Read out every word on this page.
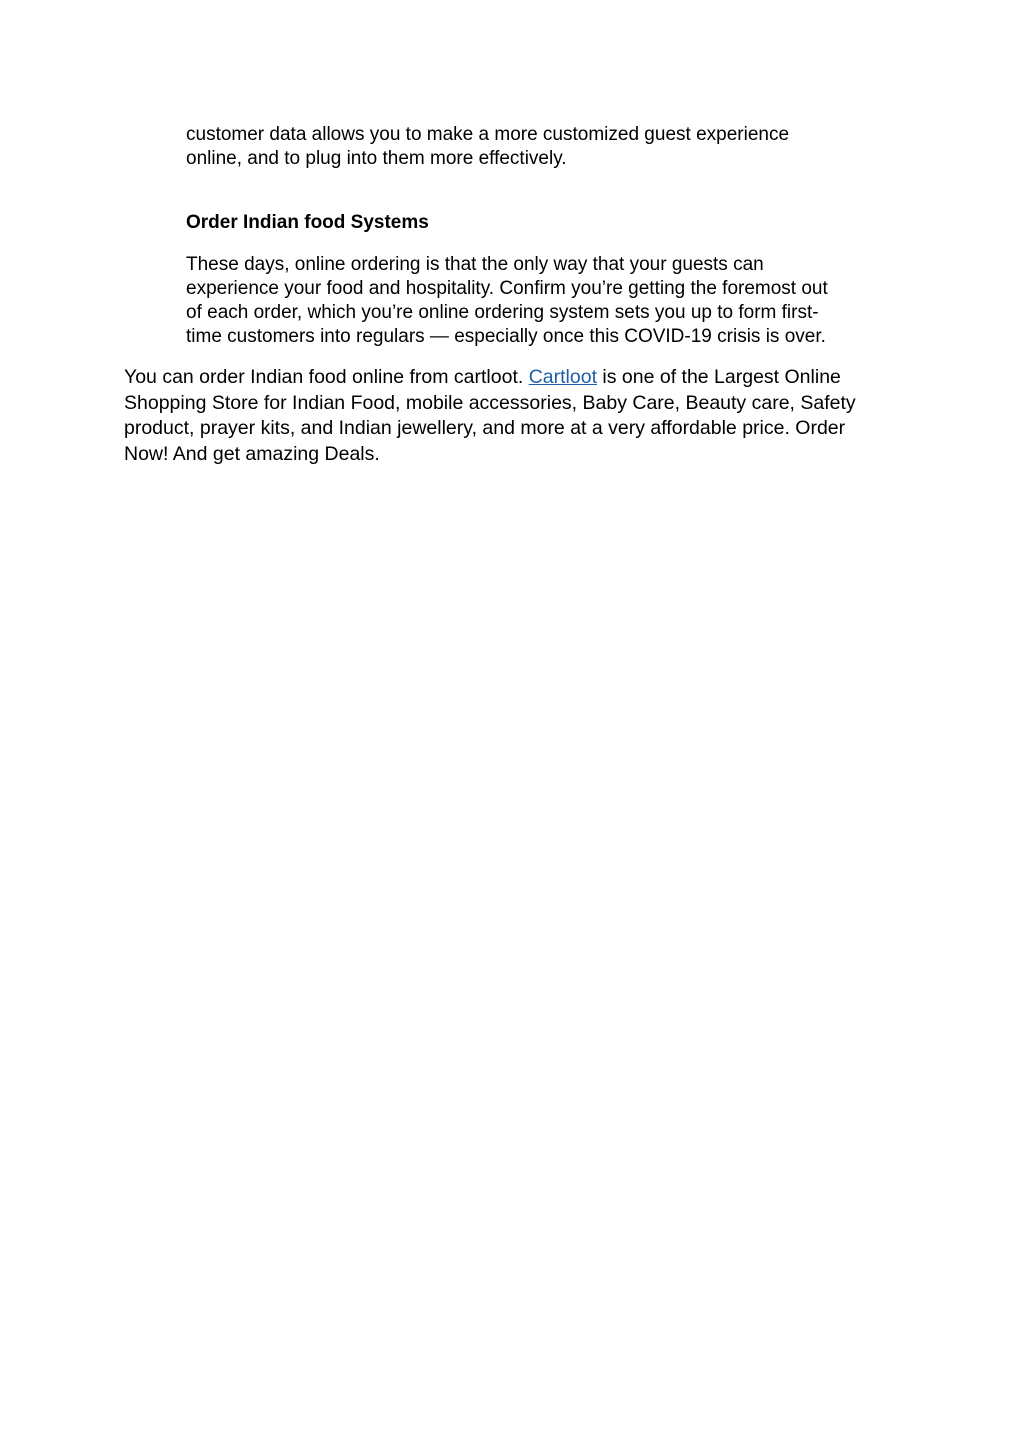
customer data allows you to make a more customized guest experience
online, and to plug into them more effectively.

Order Indian food Systems

These days, online ordering is that the only way that your guests can
experience your food and hospitality. Confirm you’re getting the foremost out
of each order, which you’re online ordering system sets you up to form first-
time customers into regulars — especially once this COVID-19 crisis is over.

You can order Indian food online from cartloot. Cartloot is one of the Largest Online
Shopping Store for Indian Food, mobile accessories, Baby Care, Beauty care, Safety
product, prayer kits, and Indian jewellery, and more at a very affordable price. Order
Now! And get amazing Deals.
